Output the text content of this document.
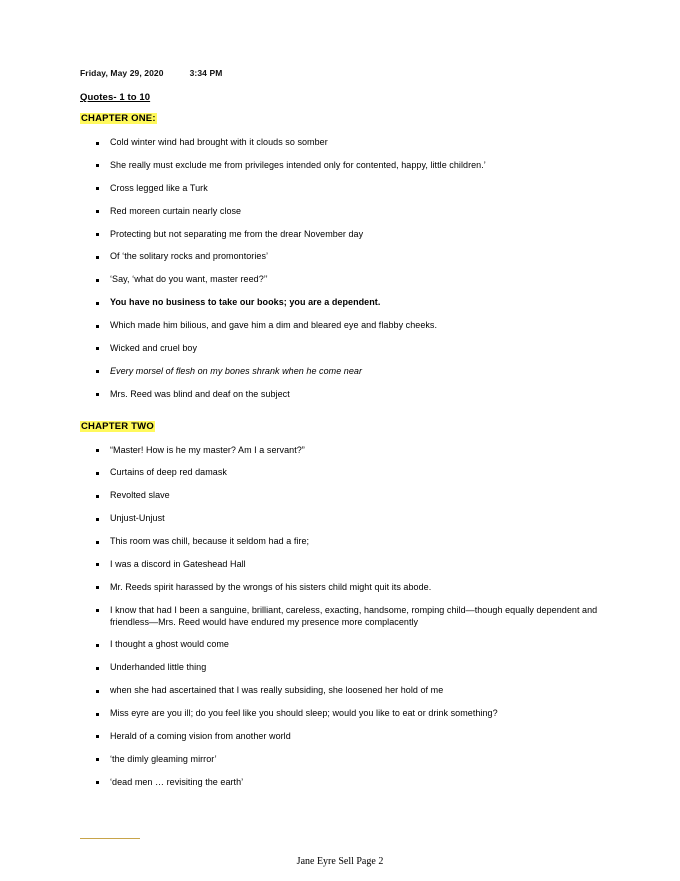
Friday, May 29, 2020	3:34 PM
Quotes- 1 to 10
CHAPTER ONE:
Cold winter wind had brought with it clouds so somber
She really must exclude me from privileges intended only for contented, happy, little children.’
Cross legged like a Turk
Red moreen curtain nearly close
Protecting but not separating me from the drear November day
Of ‘the solitary rocks and promontories’
‘Say, ‘what do you want, master reed?’’
You have no business to take our books; you are a dependent.
Which made him bilious, and gave him a dim and bleared eye and flabby cheeks.
Wicked and cruel boy
Every morsel of flesh on my bones shrank when he come near
Mrs. Reed was blind and deaf on the subject
CHAPTER TWO
“Master! How is he my master? Am I a servant?”
Curtains of deep red damask
Revolted slave
Unjust-Unjust
This room was chill, because it seldom had a fire;
I was a discord in Gateshead Hall
Mr. Reeds spirit harassed by the wrongs of his sisters child might quit its abode.
I know that had I been a sanguine, brilliant, careless, exacting, handsome, romping child—though equally dependent and friendless—Mrs. Reed would have endured my presence more complacently
I thought a ghost would come
Underhanded little thing
when she had ascertained that I was really subsiding, she loosened her hold of me
Miss eyre are you ill; do you feel like you should sleep; would you like to eat or drink something?
Herald of a coming vision from another world
‘the dimly gleaming mirror’
‘dead men … revisiting the earth’
Jane Eyre Sell Page 2
